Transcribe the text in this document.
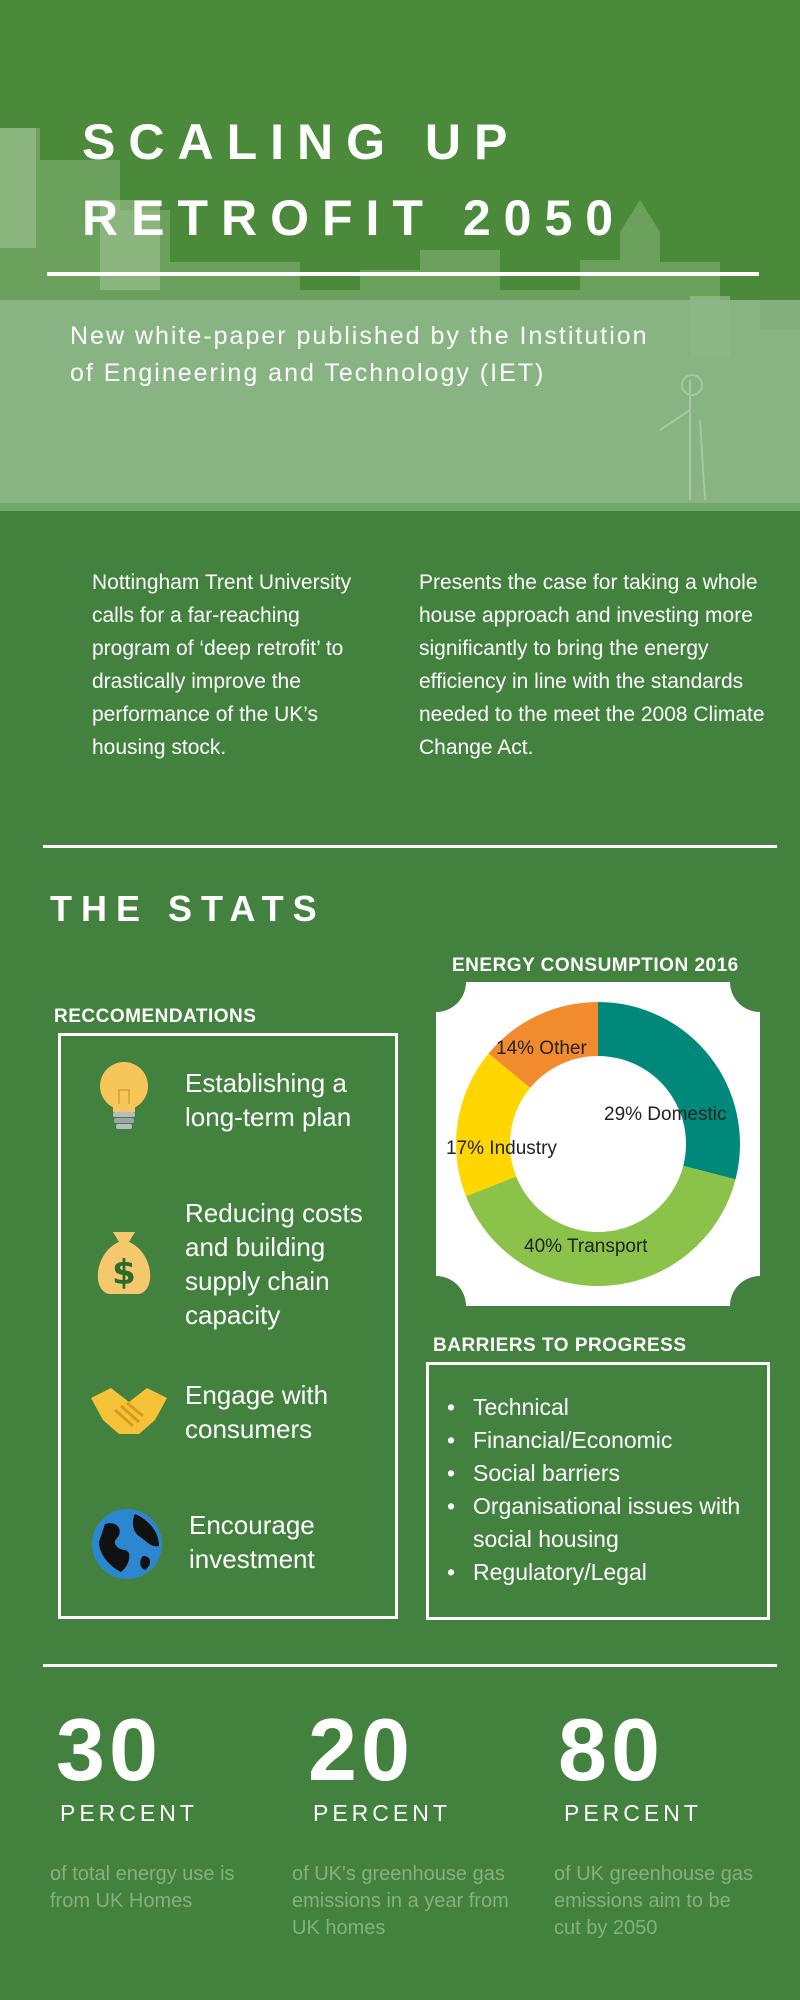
SCALING UP
RETROFIT 2050
New white-paper published by the Institution of Engineering and Technology (IET)
Nottingham Trent University calls for a far-reaching program of ‘deep retrofit’ to drastically improve the performance of the UK’s housing stock.
Presents the case for taking a whole house approach and investing more significantly to bring the energy efficiency in line with the standards needed to the meet the 2008 Climate Change Act.
THE STATS
RECCOMENDATIONS
Establishing a long-term plan
$
Reducing costs and building supply chain capacity
Engage with consumers
Encourage investment
ENERGY CONSUMPTION 2016
29% Domestic
40% Transport
17% Industry
14% Other
BARRIERS TO PROGRESS
• Technical
• Financial/Economic
• Social barriers
• Organisational issues with social housing
• Regulatory/Legal
30
PERCENT
of total energy use is from UK Homes
20
PERCENT
of UK's greenhouse gas emissions in a year from UK homes
80
PERCENT
of UK greenhouse gas emissions aim to be cut by 2050
